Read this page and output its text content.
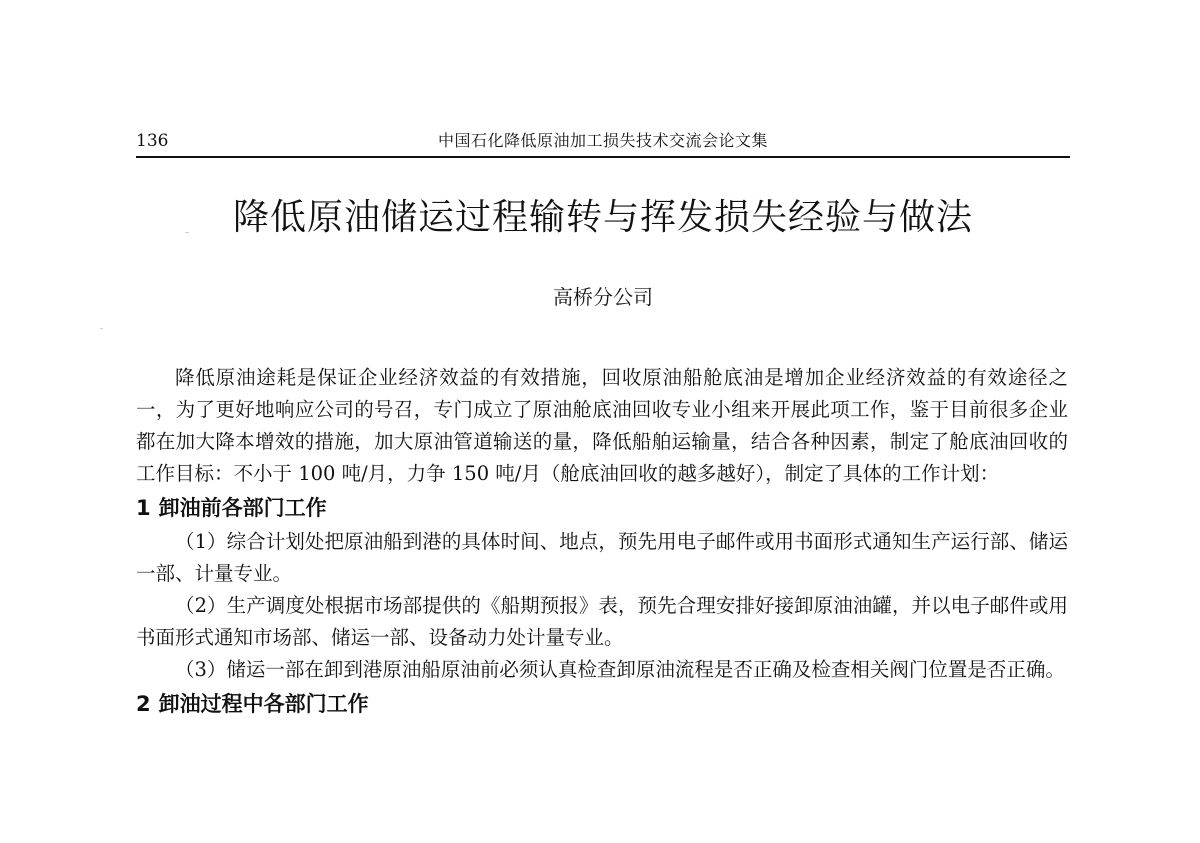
136	中国石化降低原油加工损失技术交流会论文集
降低原油储运过程输转与挥发损失经验与做法
高桥分公司

降低原油途耗是保证企业经济效益的有效措施，回收原油船舱底油是增加企业经济效益的有效途径之一，为了更好地响应公司的号召，专门成立了原油舱底油回收专业小组来开展此项工作，鉴于目前很多企业都在加大降本增效的措施，加大原油管道输送的量，降低船舶运输量，结合各种因素，制定了舱底油回收的工作目标：不小于 100 吨/月，力争 150 吨/月（舱底油回收的越多越好），制定了具体的工作计划：

1 卸油前各部门工作

（1）综合计划处把原油船到港的具体时间、地点，预先用电子邮件或用书面形式通知生产运行部、储运一部、计量专业。

（2）生产调度处根据市场部提供的《船期预报》表，预先合理安排好接卸原油油罐，并以电子邮件或用书面形式通知市场部、储运一部、设备动力处计量专业。

（3）储运一部在卸到港原油船原油前必须认真检查卸原油流程是否正确及检查相关阀门位置是否正确。

2 卸油过程中各部门工作
